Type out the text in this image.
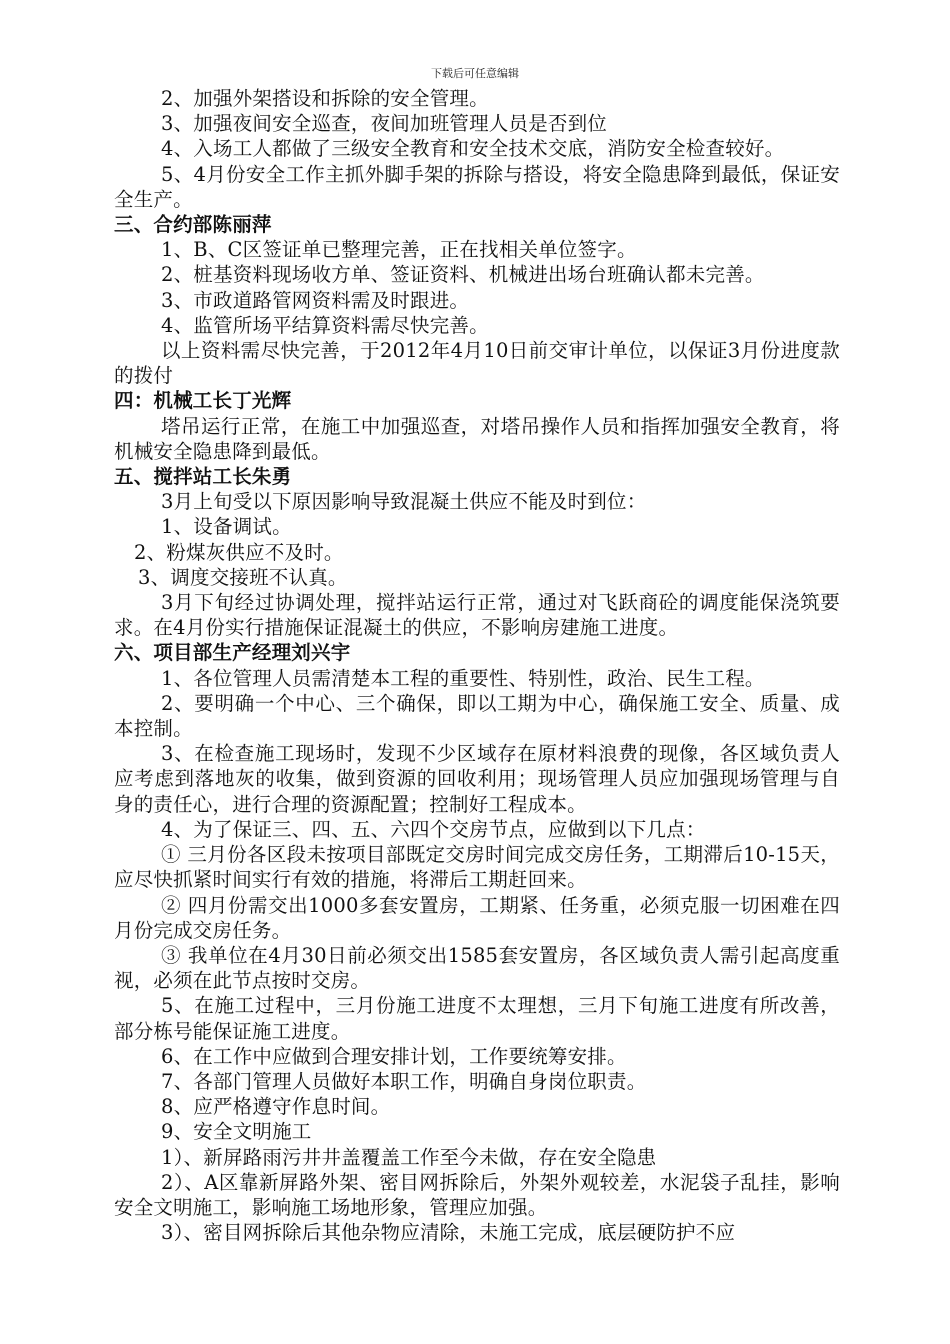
下载后可任意编辑

2、加强外架搭设和拆除的安全管理。

3、加强夜间安全巡查，夜间加班管理人员是否到位

4、入场工人都做了三级安全教育和安全技术交底，消防安全检查较好。

5、4月份安全工作主抓外脚手架的拆除与搭设，将安全隐患降到最低，保证安全生产。

三、合约部陈丽萍

1、B、C区签证单已整理完善，正在找相关单位签字。

2、桩基资料现场收方单、签证资料、机械进出场台班确认都未完善。

3、市政道路管网资料需及时跟进。

4、监管所场平结算资料需尽快完善。

以上资料需尽快完善，于2012年4月10日前交审计单位，以保证3月份进度款的拨付

四：机械工长丁光辉

塔吊运行正常，在施工中加强巡查，对塔吊操作人员和指挥加强安全教育，将机械安全隐患降到最低。

五、搅拌站工长朱勇

3月上旬受以下原因影响导致混凝土供应不能及时到位：

1、设备调试。

2、粉煤灰供应不及时。

3、调度交接班不认真。

3月下旬经过协调处理，搅拌站运行正常，通过对飞跃商砼的调度能保浇筑要求。在4月份实行措施保证混凝土的供应，不影响房建施工进度。

六、项目部生产经理刘兴宇

1、各位管理人员需清楚本工程的重要性、特别性，政治、民生工程。

2、要明确一个中心、三个确保，即以工期为中心，确保施工安全、质量、成本控制。

3、在检查施工现场时，发现不少区域存在原材料浪费的现像，各区域负责人应考虑到落地灰的收集，做到资源的回收利用；现场管理人员应加强现场管理与自身的责任心，进行合理的资源配置；控制好工程成本。

4、为了保证三、四、五、六四个交房节点，应做到以下几点：

① 三月份各区段未按项目部既定交房时间完成交房任务，工期滞后10-15天，应尽快抓紧时间实行有效的措施，将滞后工期赶回来。

② 四月份需交出1000多套安置房，工期紧、任务重，必须克服一切困难在四月份完成交房任务。

③ 我单位在4月30日前必须交出1585套安置房，各区域负责人需引起高度重视，必须在此节点按时交房。

5、在施工过程中，三月份施工进度不太理想，三月下旬施工进度有所改善，部分栋号能保证施工进度。

6、在工作中应做到合理安排计划，工作要统筹安排。

7、各部门管理人员做好本职工作，明确自身岗位职责。

8、应严格遵守作息时间。

9、安全文明施工

1）、新屏路雨污井井盖覆盖工作至今未做，存在安全隐患

2）、A区靠新屏路外架、密目网拆除后，外架外观较差，水泥袋子乱挂，影响安全文明施工，影响施工场地形象，管理应加强。

3）、密目网拆除后其他杂物应清除，未施工完成，底层硬防护不应
